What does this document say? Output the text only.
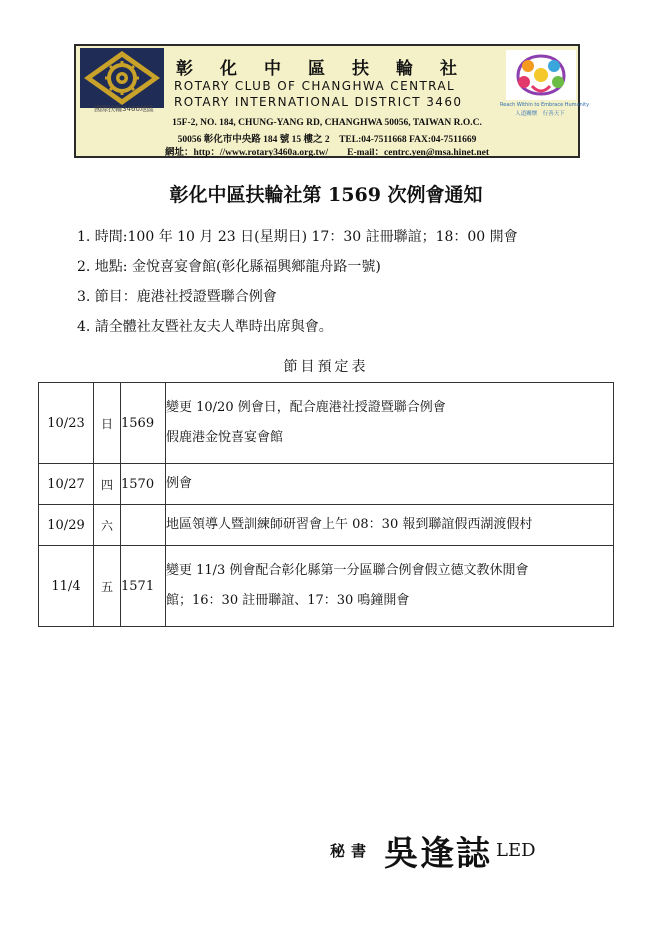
國際扶輪3460地區
彰化中區扶輪社
ROTARY CLUB OF CHANGHWA CENTRAL
ROTARY INTERNATIONAL DISTRICT 3460	Reach Within to Embrace Humanity
人道關懷　行善天下
15F-2, NO. 184, CHUNG-YANG RD, CHANGHWA 50056, TAIWAN R.O.C.
50056 彰化市中央路 184 號 15 樓之 2　TEL:04-7511668 FAX:04-7511669
網址：http：//www.rotary3460a.org.tw/　　E-mail：centrc.yen@msa.hinet.net
彰化中區扶輪社第 1569 次例會通知
1. 時間:100 年 10 月 23 日(星期日) 17：30 註冊聯誼；18：00 開會
2. 地點: 金悅喜宴會館(彰化縣福興鄉龍舟路一號)
3. 節目：鹿港社授證暨聯合例會
4. 請全體社友暨社友夫人準時出席與會。
節目預定表
10/23	日	1569	變更 10/20 例會日，配合鹿港社授證暨聯合例會
假鹿港金悅喜宴會館

10/27	四	1570	例會

10/29	六		地區領導人暨訓練師研習會上午 08：30 報到聯誼假西湖渡假村

11/4	五	1571	變更 11/3 例會配合彰化縣第一分區聯合例會假立德文教休閒會
館；16：30 註冊聯誼、17：30 鳴鐘開會
秘書 吳逢誌 LED
